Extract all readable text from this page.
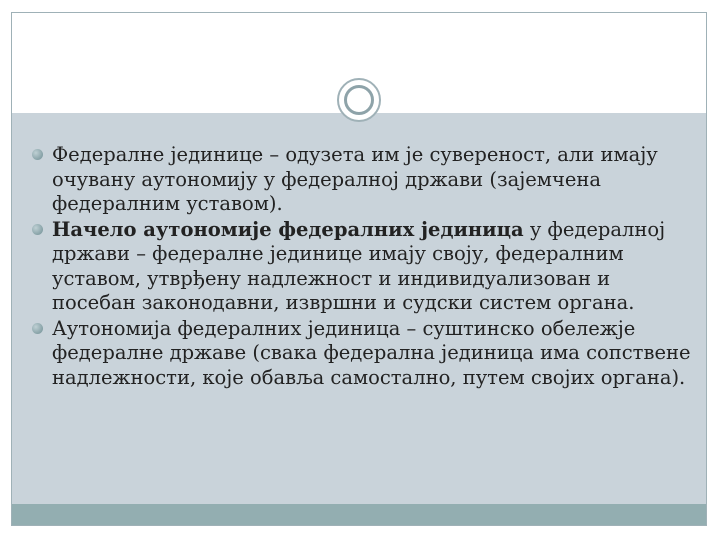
Федералне јединице – одузета им је сувереност, али имају очувану аутономију у федералној држави (зајемчена федералним уставом).
Начело аутономије федералних јединица у федералној држави – федералне јединице имају своју, федералним уставом, утврђену надлежност и индивидуализован и посебан законодавни, извршни и судски систем органа.
Аутономија федералних јединица – суштинско обележје федералне државе (свака федерална јединица има сопствене надлежности, које обавља самостално, путем својих органа).
